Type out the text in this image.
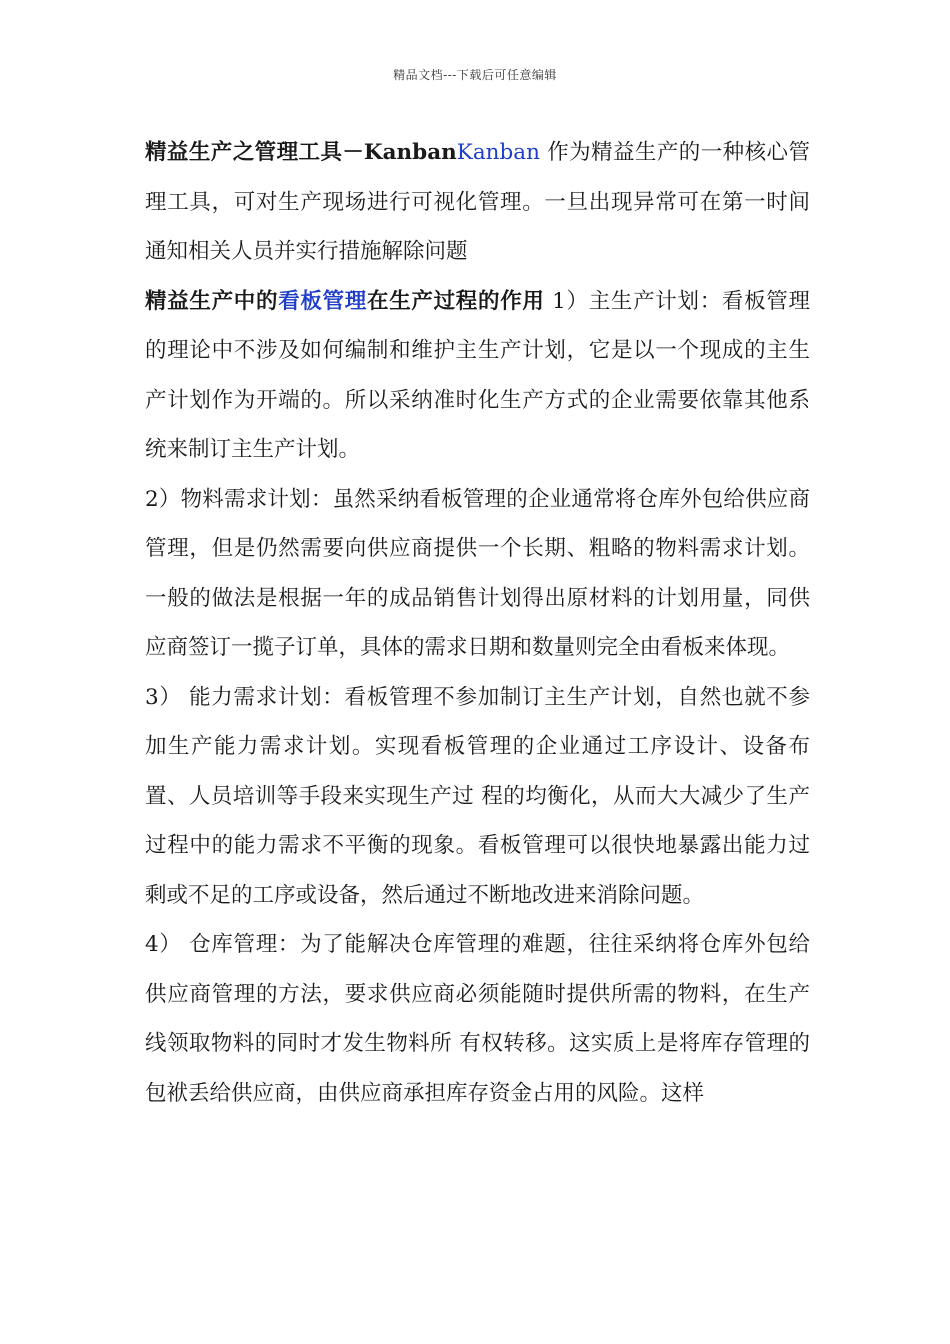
精品文档---下载后可任意编辑

精益生产之管理工具－KanbanKanban 作为精益生产的一种核心管理工具，可对生产现场进行可视化管理。一旦出现异常可在第一时间通知相关人员并实行措施解除问题

精益生产中的看板管理在生产过程的作用 1）主生产计划：看板管理的理论中不涉及如何编制和维护主生产计划，它是以一个现成的主生产计划作为开端的。所以采纳准时化生产方式的企业需要依靠其他系统来制订主生产计划。

2）物料需求计划：虽然采纳看板管理的企业通常将仓库外包给供应商管理，但是仍然需要向供应商提供一个长期、粗略的物料需求计划。一般的做法是根据一年的成品销售计划得出原材料的计划用量，同供应商签订一揽子订单，具体的需求日期和数量则完全由看板来体现。

3） 能力需求计划：看板管理不参加制订主生产计划，自然也就不参加生产能力需求计划。实现看板管理的企业通过工序设计、设备布置、人员培训等手段来实现生产过 程的均衡化，从而大大减少了生产过程中的能力需求不平衡的现象。看板管理可以很快地暴露出能力过剩或不足的工序或设备，然后通过不断地改进来消除问题。

4） 仓库管理：为了能解决仓库管理的难题，往往采纳将仓库外包给供应商管理的方法，要求供应商必须能随时提供所需的物料，在生产线领取物料的同时才发生物料所 有权转移。这实质上是将库存管理的包袱丢给供应商，由供应商承担库存资金占用的风险。这样
